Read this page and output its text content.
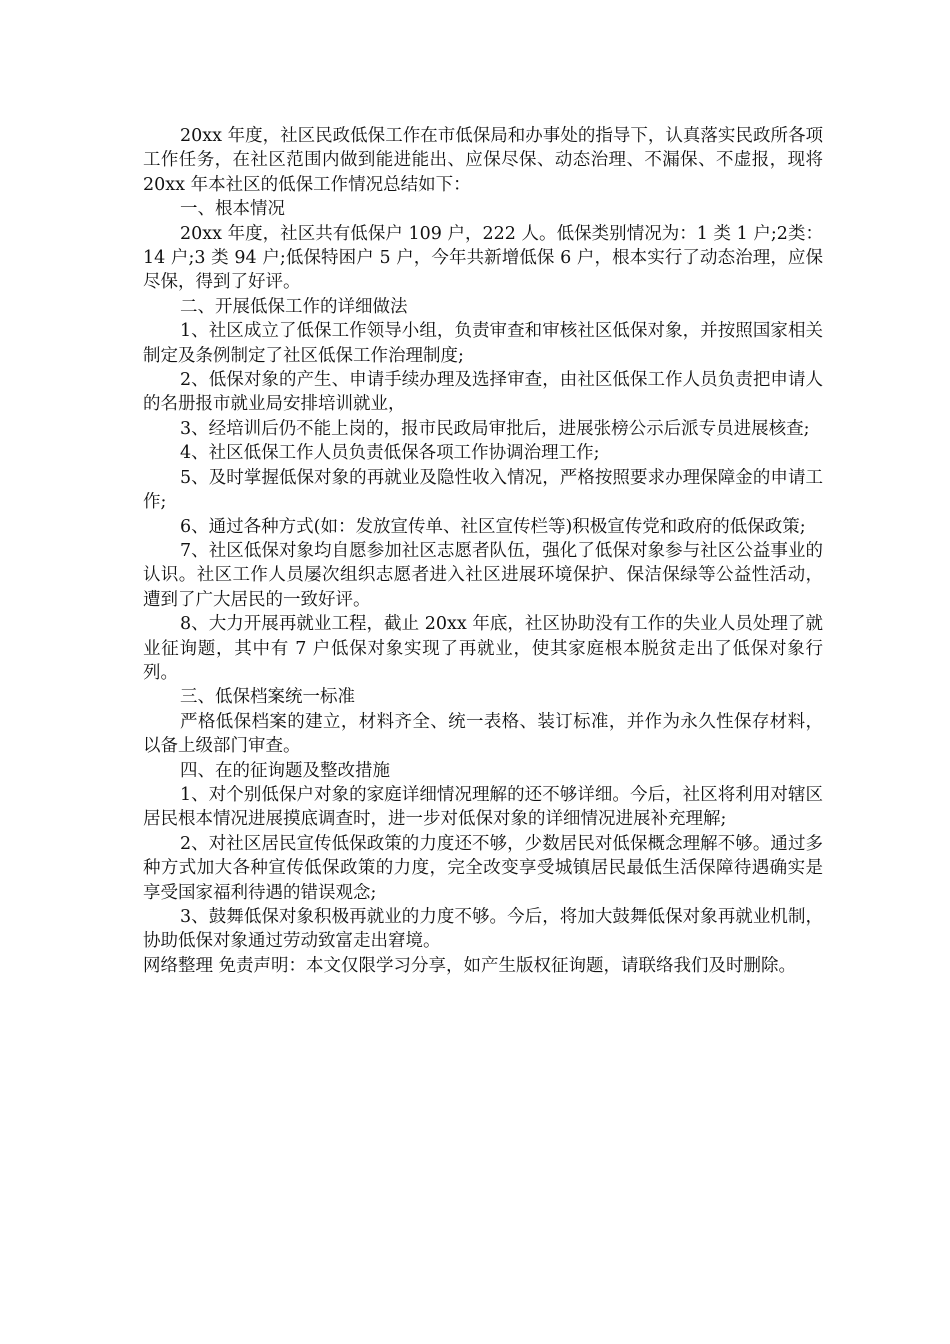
20xx 年度，社区民政低保工作在市低保局和办事处的指导下，认真落实民政所各项工作任务，在社区范围内做到能进能出、应保尽保、动态治理、不漏保、不虚报，现将 20xx 年本社区的低保工作情况总结如下：

一、根本情况

20xx 年度，社区共有低保户 109 户，222 人。低保类别情况为：1 类 1 户;2类：14 户;3 类 94 户;低保特困户 5 户，今年共新增低保 6 户，根本实行了动态治理，应保尽保，得到了好评。

二、开展低保工作的详细做法

1、社区成立了低保工作领导小组，负责审查和审核社区低保对象，并按照国家相关制定及条例制定了社区低保工作治理制度;

2、低保对象的产生、申请手续办理及选择审查，由社区低保工作人员负责把申请人的名册报市就业局安排培训就业，

3、经培训后仍不能上岗的，报市民政局审批后，进展张榜公示后派专员进展核查;

4、社区低保工作人员负责低保各项工作协调治理工作;

5、及时掌握低保对象的再就业及隐性收入情况，严格按照要求办理保障金的申请工作;

6、通过各种方式(如：发放宣传单、社区宣传栏等)积极宣传党和政府的低保政策;

7、社区低保对象均自愿参加社区志愿者队伍，强化了低保对象参与社区公益事业的认识。社区工作人员屡次组织志愿者进入社区进展环境保护、保洁保绿等公益性活动，遭到了广大居民的一致好评。

8、大力开展再就业工程，截止 20xx 年底，社区协助没有工作的失业人员处理了就业征询题，其中有 7 户低保对象实现了再就业，使其家庭根本脱贫走出了低保对象行列。

三、低保档案统一标准

严格低保档案的建立，材料齐全、统一表格、装订标准，并作为永久性保存材料，以备上级部门审查。

四、在的征询题及整改措施

1、对个别低保户对象的家庭详细情况理解的还不够详细。今后，社区将利用对辖区居民根本情况进展摸底调查时，进一步对低保对象的详细情况进展补充理解;

2、对社区居民宣传低保政策的力度还不够，少数居民对低保概念理解不够。通过多种方式加大各种宣传低保政策的力度，完全改变享受城镇居民最低生活保障待遇确实是享受国家福利待遇的错误观念;

3、鼓舞低保对象积极再就业的力度不够。今后，将加大鼓舞低保对象再就业机制，协助低保对象通过劳动致富走出窘境。

网络整理 免责声明：本文仅限学习分享，如产生版权征询题，请联络我们及时删除。
